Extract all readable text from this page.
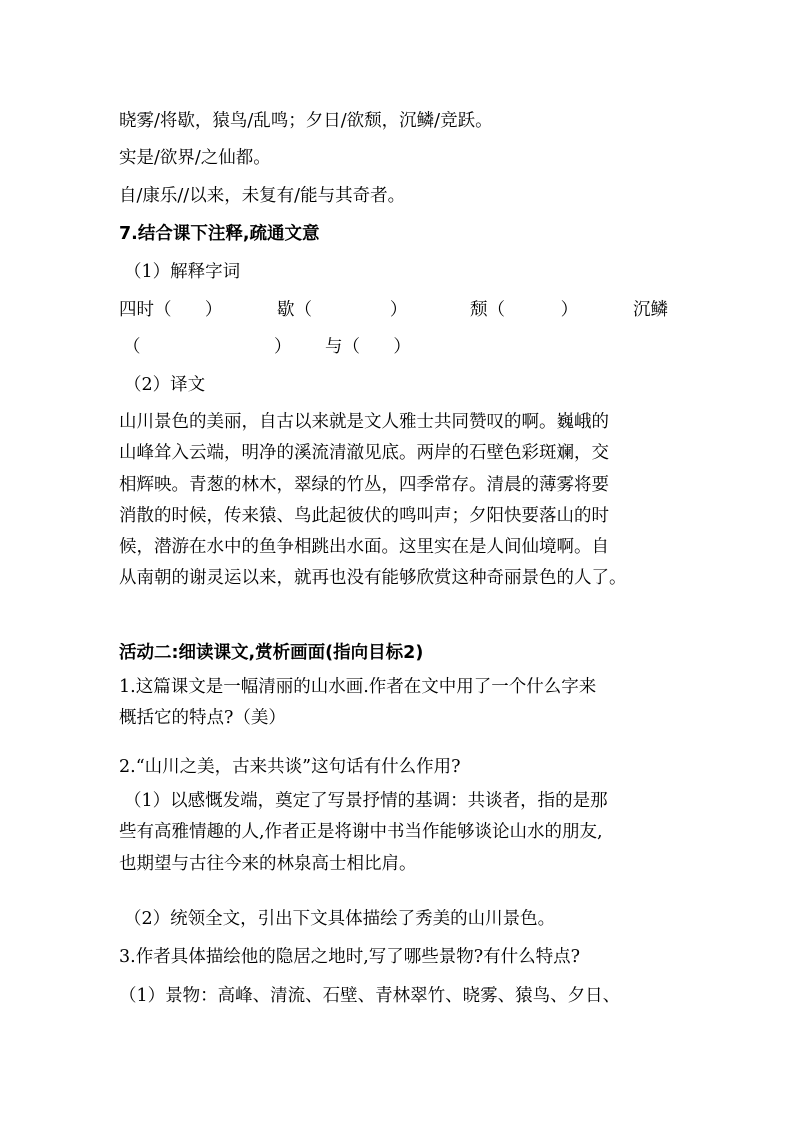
晓雾/将歇，猿鸟/乱鸣；夕日/欲颓，沉鳞/竞跃。
实是/欲界/之仙都。
自/康乐//以来，未复有/能与其奇者。
7.结合课下注释,疏通文意
（1）解释字词
四时（      ）	歇（              ）	颓（          ）	沉鳞
（                        ） 与（      ）
（2）译文
山川景色的美丽，自古以来就是文人雅士共同赞叹的啊。巍峨的
山峰耸入云端，明净的溪流清澈见底。两岸的石壁色彩斑斓，交
相辉映。青葱的林木，翠绿的竹丛，四季常存。清晨的薄雾将要
消散的时候，传来猿、鸟此起彼伏的鸣叫声；夕阳快要落山的时
候，潜游在水中的鱼争相跳出水面。这里实在是人间仙境啊。自
从南朝的谢灵运以来，就再也没有能够欣赏这种奇丽景色的人了。
活动二:细读课文,赏析画面(指向目标2)
1.这篇课文是一幅清丽的山水画.作者在文中用了一个什么字来
概括它的特点?（美）
2.“山川之美，古来共谈”这句话有什么作用?
（1）以感慨发端，奠定了写景抒情的基调：共谈者，指的是那
些有高雅情趣的人,作者正是将谢中书当作能够谈论山水的朋友,
也期望与古往今来的林泉高士相比肩。
（2）统领全文，引出下文具体描绘了秀美的山川景色。
3.作者具体描绘他的隐居之地时,写了哪些景物?有什么特点?
（1）景物：高峰、清流、石壁、青林翠竹、晓雾、猿鸟、夕日、
